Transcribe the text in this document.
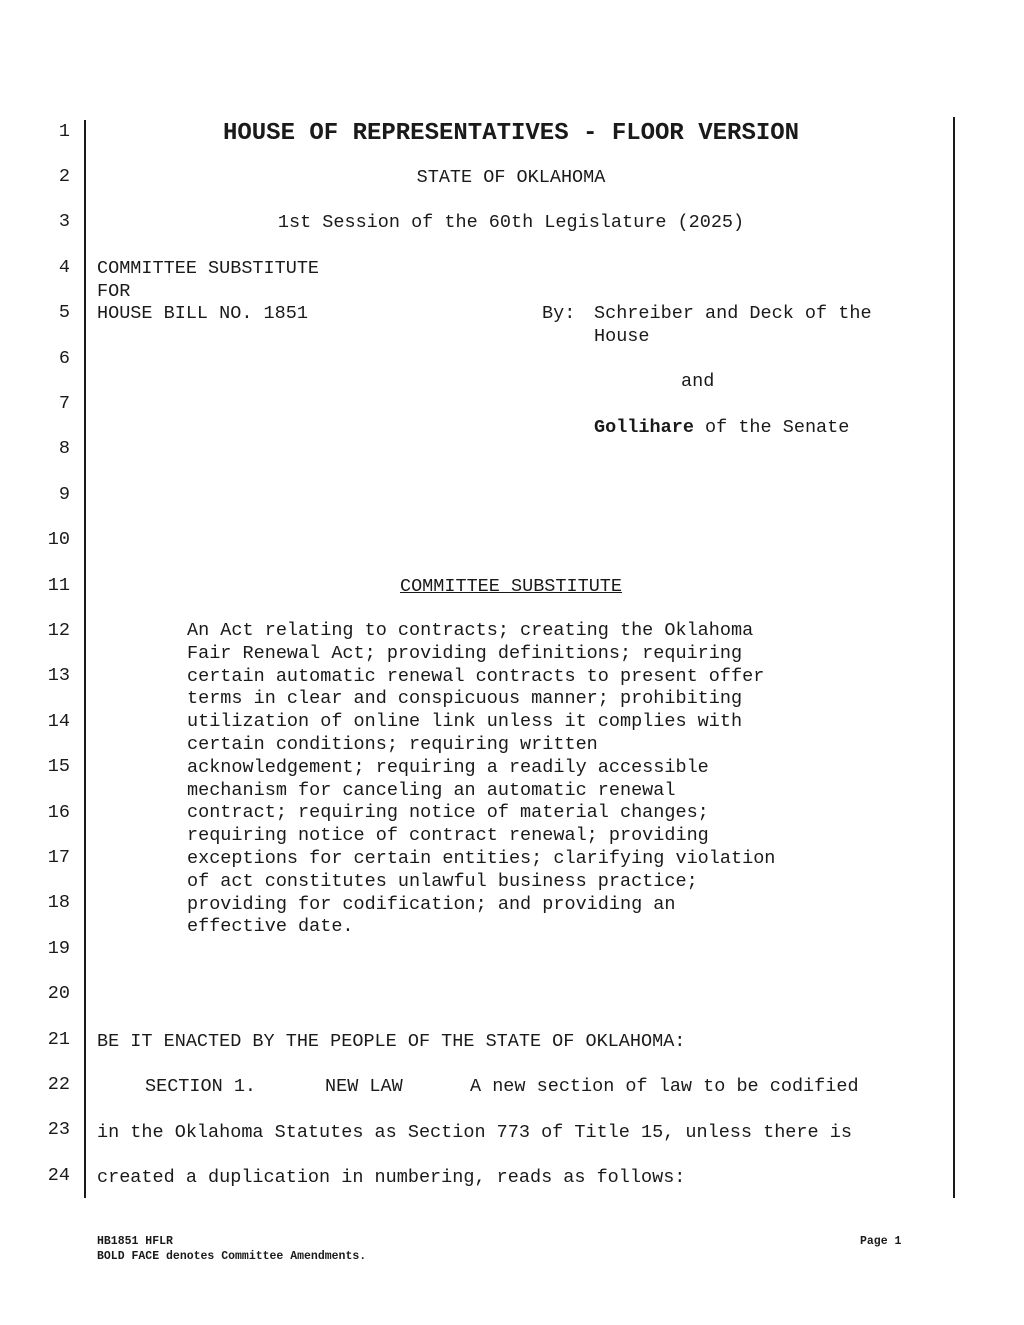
1
2
3
4
5
6
7
8
9
10
11
12
13
14
15
16
17
18
19
20
21
22
23
24
HOUSE OF REPRESENTATIVES - FLOOR VERSION
STATE OF OKLAHOMA
1st Session of the 60th Legislature (2025)
COMMITTEE SUBSTITUTE
FOR
HOUSE BILL NO. 1851	By: Schreiber and Deck of the
House
and
Gollihare of the Senate
COMMITTEE SUBSTITUTE
An Act relating to contracts; creating the Oklahoma
Fair Renewal Act; providing definitions; requiring
certain automatic renewal contracts to present offer
terms in clear and conspicuous manner; prohibiting
utilization of online link unless it complies with
certain conditions; requiring written
acknowledgement; requiring a readily accessible
mechanism for canceling an automatic renewal
contract; requiring notice of material changes;
requiring notice of contract renewal; providing
exceptions for certain entities; clarifying violation
of act constitutes unlawful business practice;
providing for codification; and providing an
effective date.
BE IT ENACTED BY THE PEOPLE OF THE STATE OF OKLAHOMA:
SECTION 1.	NEW LAW	A new section of law to be codified
in the Oklahoma Statutes as Section 773 of Title 15, unless there is
created a duplication in numbering, reads as follows:
HB1851 HFLR
BOLD FACE denotes Committee Amendments.
Page 1
